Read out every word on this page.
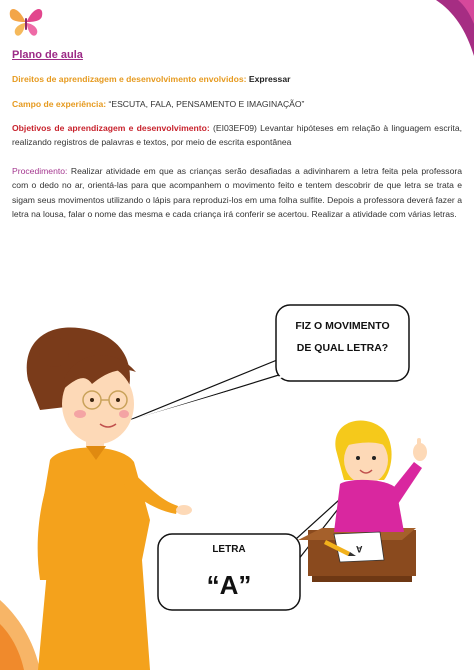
Plano de aula
Direitos de aprendizagem e desenvolvimento envolvidos: Expressar
Campo de experiência: “ESCUTA, FALA, PENSAMENTO E IMAGINAÇÃO”
Objetivos de aprendizagem e desenvolvimento: (EI03EF09) Levantar hipóteses em relação à linguagem escrita, realizando registros de palavras e textos, por meio de escrita espontânea
Procedimento: Realizar atividade em que as crianças serão desafiadas a adivinharem a letra feita pela professora com o dedo no ar, orientá-las para que acompanhem o movimento feito e tentem descobrir de que letra se trata e sigam seus movimentos utilizando o lápis para reproduzi-los em uma folha sulfite. Depois a professora deverá fazer a letra na lousa, falar o nome das mesma e cada criança irá conferir se acertou. Realizar a atividade com várias letras.
FIZ O MOVIMENTO
DE QUAL LETRA?
LETRA
“A”
A
